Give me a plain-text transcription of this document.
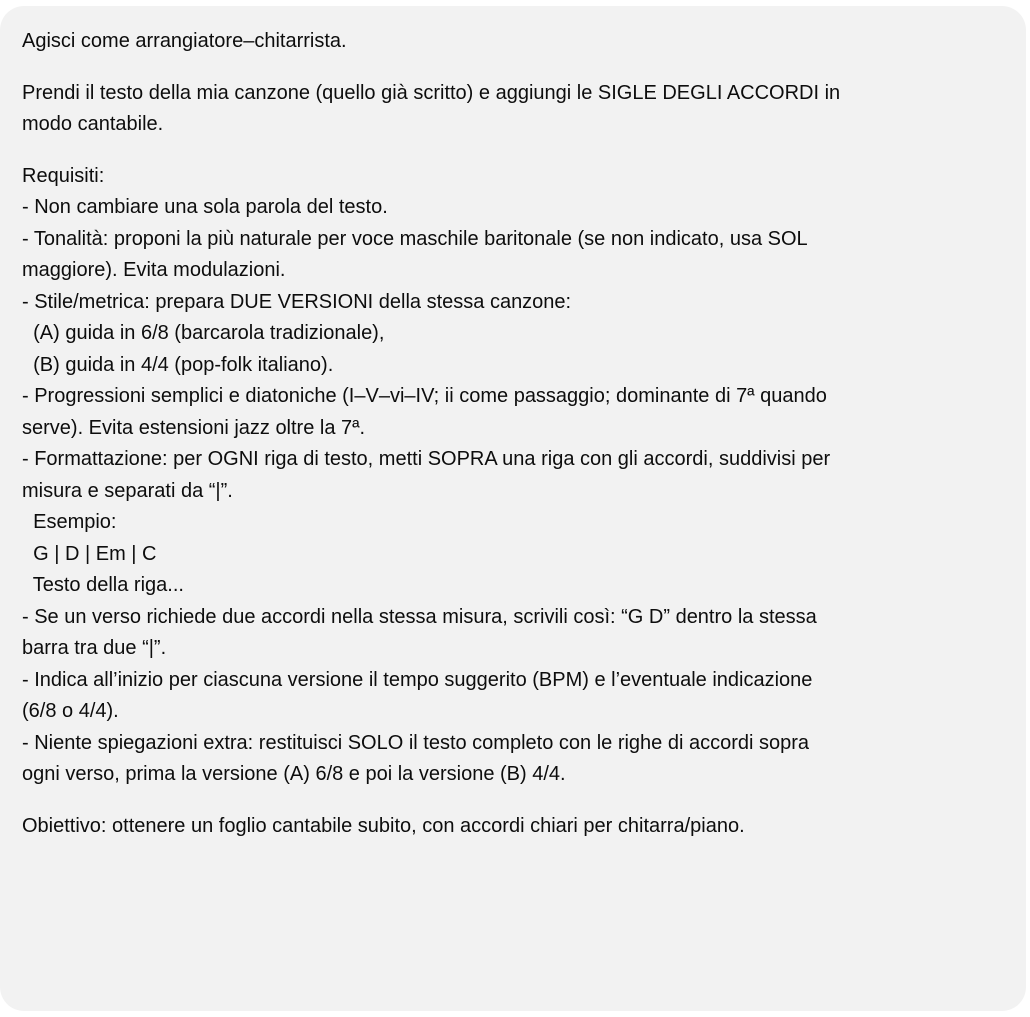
Agisci come arrangiatore–chitarrista.

Prendi il testo della mia canzone (quello già scritto) e aggiungi le SIGLE DEGLI ACCORDI in

modo cantabile.

Requisiti:

- Non cambiare una sola parola del testo.

- Tonalità: proponi la più naturale per voce maschile baritonale (se non indicato, usa SOL

maggiore). Evita modulazioni.

- Stile/metrica: prepara DUE VERSIONI della stessa canzone:

(A) guida in 6/8 (barcarola tradizionale),

(B) guida in 4/4 (pop-folk italiano).

- Progressioni semplici e diatoniche (I–V–vi–IV; ii come passaggio; dominante di 7ª quando

serve). Evita estensioni jazz oltre la 7ª.

- Formattazione: per OGNI riga di testo, metti SOPRA una riga con gli accordi, suddivisi per

misura e separati da “|”.

Esempio:

G | D | Em | C

Testo della riga...

- Se un verso richiede due accordi nella stessa misura, scrivili così: “G D” dentro la stessa

barra tra due “|”.

- Indica all’inizio per ciascuna versione il tempo suggerito (BPM) e l’eventuale indicazione

(6/8 o 4/4).

- Niente spiegazioni extra: restituisci SOLO il testo completo con le righe di accordi sopra

ogni verso, prima la versione (A) 6/8 e poi la versione (B) 4/4.

Obiettivo: ottenere un foglio cantabile subito, con accordi chiari per chitarra/piano.
